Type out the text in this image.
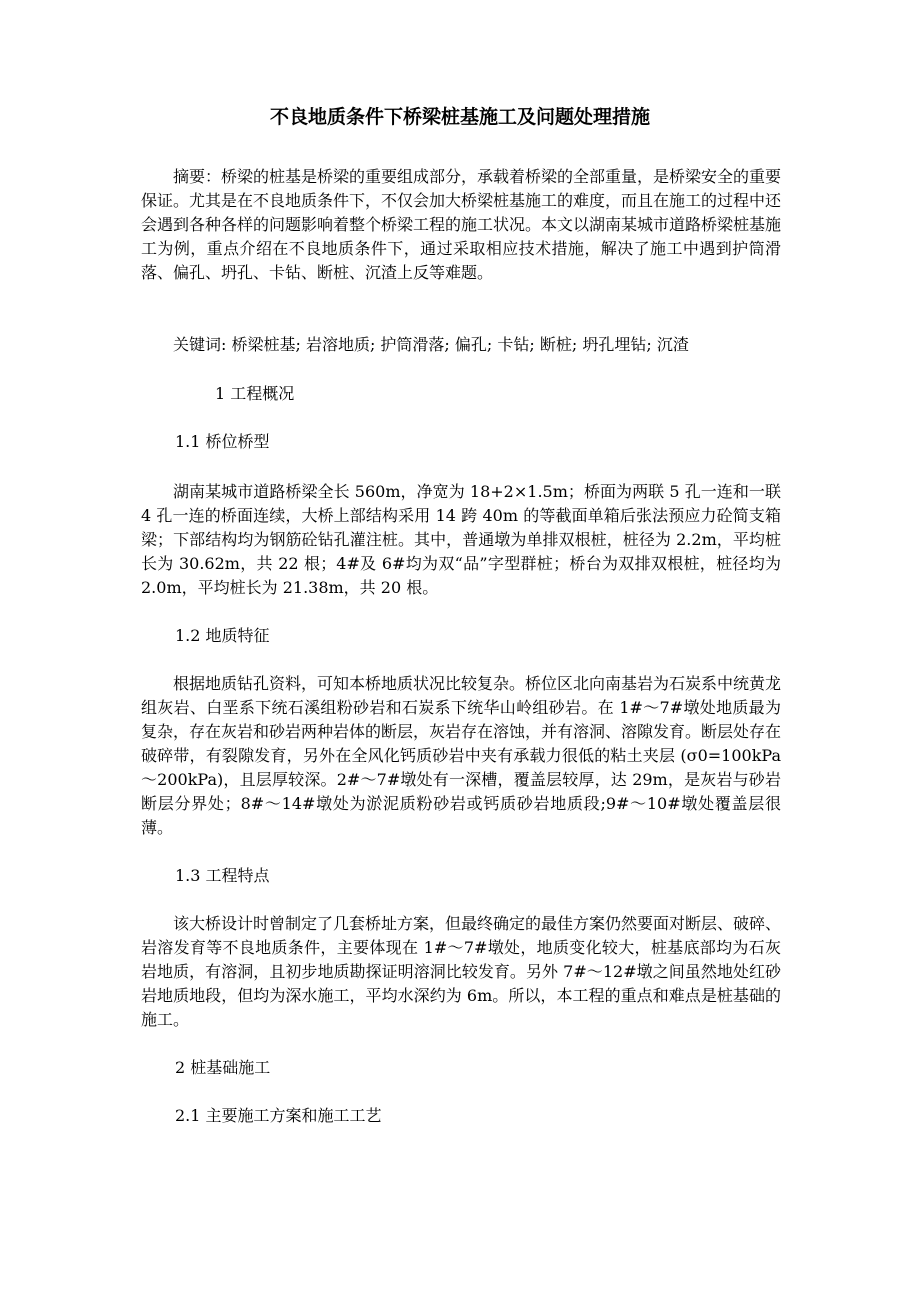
不良地质条件下桥梁桩基施工及问题处理措施
摘要：桥梁的桩基是桥梁的重要组成部分，承载着桥梁的全部重量，是桥梁安全的重要保证。尤其是在不良地质条件下，不仅会加大桥梁桩基施工的难度，而且在施工的过程中还会遇到各种各样的问题影响着整个桥梁工程的施工状况。本文以湖南某城市道路桥梁桩基施工为例，重点介绍在不良地质条件下，通过采取相应技术措施，解决了施工中遇到护筒滑落、偏孔、坍孔、卡钻、断桩、沉渣上反等难题。
关键词: 桥梁桩基; 岩溶地质; 护筒滑落; 偏孔; 卡钻; 断桩; 坍孔埋钻; 沉渣
1 工程概况
1.1 桥位桥型
湖南某城市道路桥梁全长 560m，净宽为 18+2×1.5m；桥面为两联 5 孔一连和一联 4 孔一连的桥面连续，大桥上部结构采用 14 跨 40m 的等截面单箱后张法预应力砼简支箱梁；下部结构均为钢筋砼钻孔灌注桩。其中，普通墩为单排双根桩，桩径为 2.2m，平均桩长为 30.62m，共 22 根；4#及 6#均为双“品”字型群桩；桥台为双排双根桩，桩径均为 2.0m，平均桩长为 21.38m，共 20 根。
1.2 地质特征
根据地质钻孔资料，可知本桥地质状况比较复杂。桥位区北向南基岩为石炭系中统黄龙组灰岩、白垩系下统石溪组粉砂岩和石炭系下统华山岭组砂岩。在 1#～7#墩处地质最为复杂，存在灰岩和砂岩两种岩体的断层，灰岩存在溶蚀，并有溶洞、溶隙发育。断层处存在破碎带，有裂隙发育，另外在全风化钙质砂岩中夹有承载力很低的粘土夹层 (σ0=100kPa～200kPa)，且层厚较深。2#～7#墩处有一深槽，覆盖层较厚，达 29m，是灰岩与砂岩断层分界处；8#～14#墩处为淤泥质粉砂岩或钙质砂岩地质段;9#～10#墩处覆盖层很薄。
1.3 工程特点
该大桥设计时曾制定了几套桥址方案，但最终确定的最佳方案仍然要面对断层、破碎、岩溶发育等不良地质条件，主要体现在 1#～7#墩处，地质变化较大，桩基底部均为石灰岩地质，有溶洞，且初步地质勘探证明溶洞比较发育。另外 7#～12#墩之间虽然地处红砂岩地质地段，但均为深水施工，平均水深约为 6m。所以，本工程的重点和难点是桩基础的施工。
2 桩基础施工
2.1 主要施工方案和施工工艺
